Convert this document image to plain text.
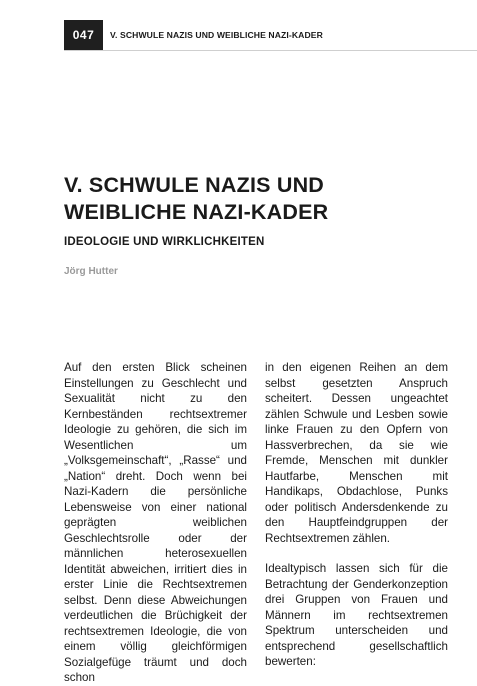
047	V. SCHWULE NAZIS UND WEIBLICHE NAZI-KADER
V. SCHWULE NAZIS UND
WEIBLICHE NAZI-KADER
IDEOLOGIE UND WIRKLICHKEITEN

Jörg Hutter

Auf den ersten Blick scheinen Einstellungen zu Geschlecht und Sexualität nicht zu den Kernbeständen rechtsextremer Ideologie zu gehören, die sich im Wesentlichen um „Volksgemeinschaft“, „Rasse“ und „Nation“ dreht. Doch wenn bei Nazi-Kadern die persönliche Lebensweise von einer national geprägten weiblichen Geschlechtsrolle oder der männlichen heterosexuellen Identität abweichen, irritiert dies in erster Linie die Rechtsextremen selbst. Denn diese Abweichungen verdeutlichen die Brüchigkeit der rechtsextremen Ideologie, die von einem völlig gleichförmigen Sozialgefüge träumt und doch schon

in den eigenen Reihen an dem selbst gesetzten Anspruch scheitert. Dessen ungeachtet zählen Schwule und Lesben sowie linke Frauen zu den Opfern von Hassverbrechen, da sie wie Fremde, Menschen mit dunkler Hautfarbe, Menschen mit Handikaps, Obdachlose, Punks oder politisch Andersdenkende zu den Hauptfeindgruppen der Rechtsextremen zählen.

Idealtypisch lassen sich für die Betrachtung der Genderkonzeption drei Gruppen von Frauen und Männern im rechtsextremen Spektrum unterscheiden und entsprechend gesellschaftlich bewerten:
